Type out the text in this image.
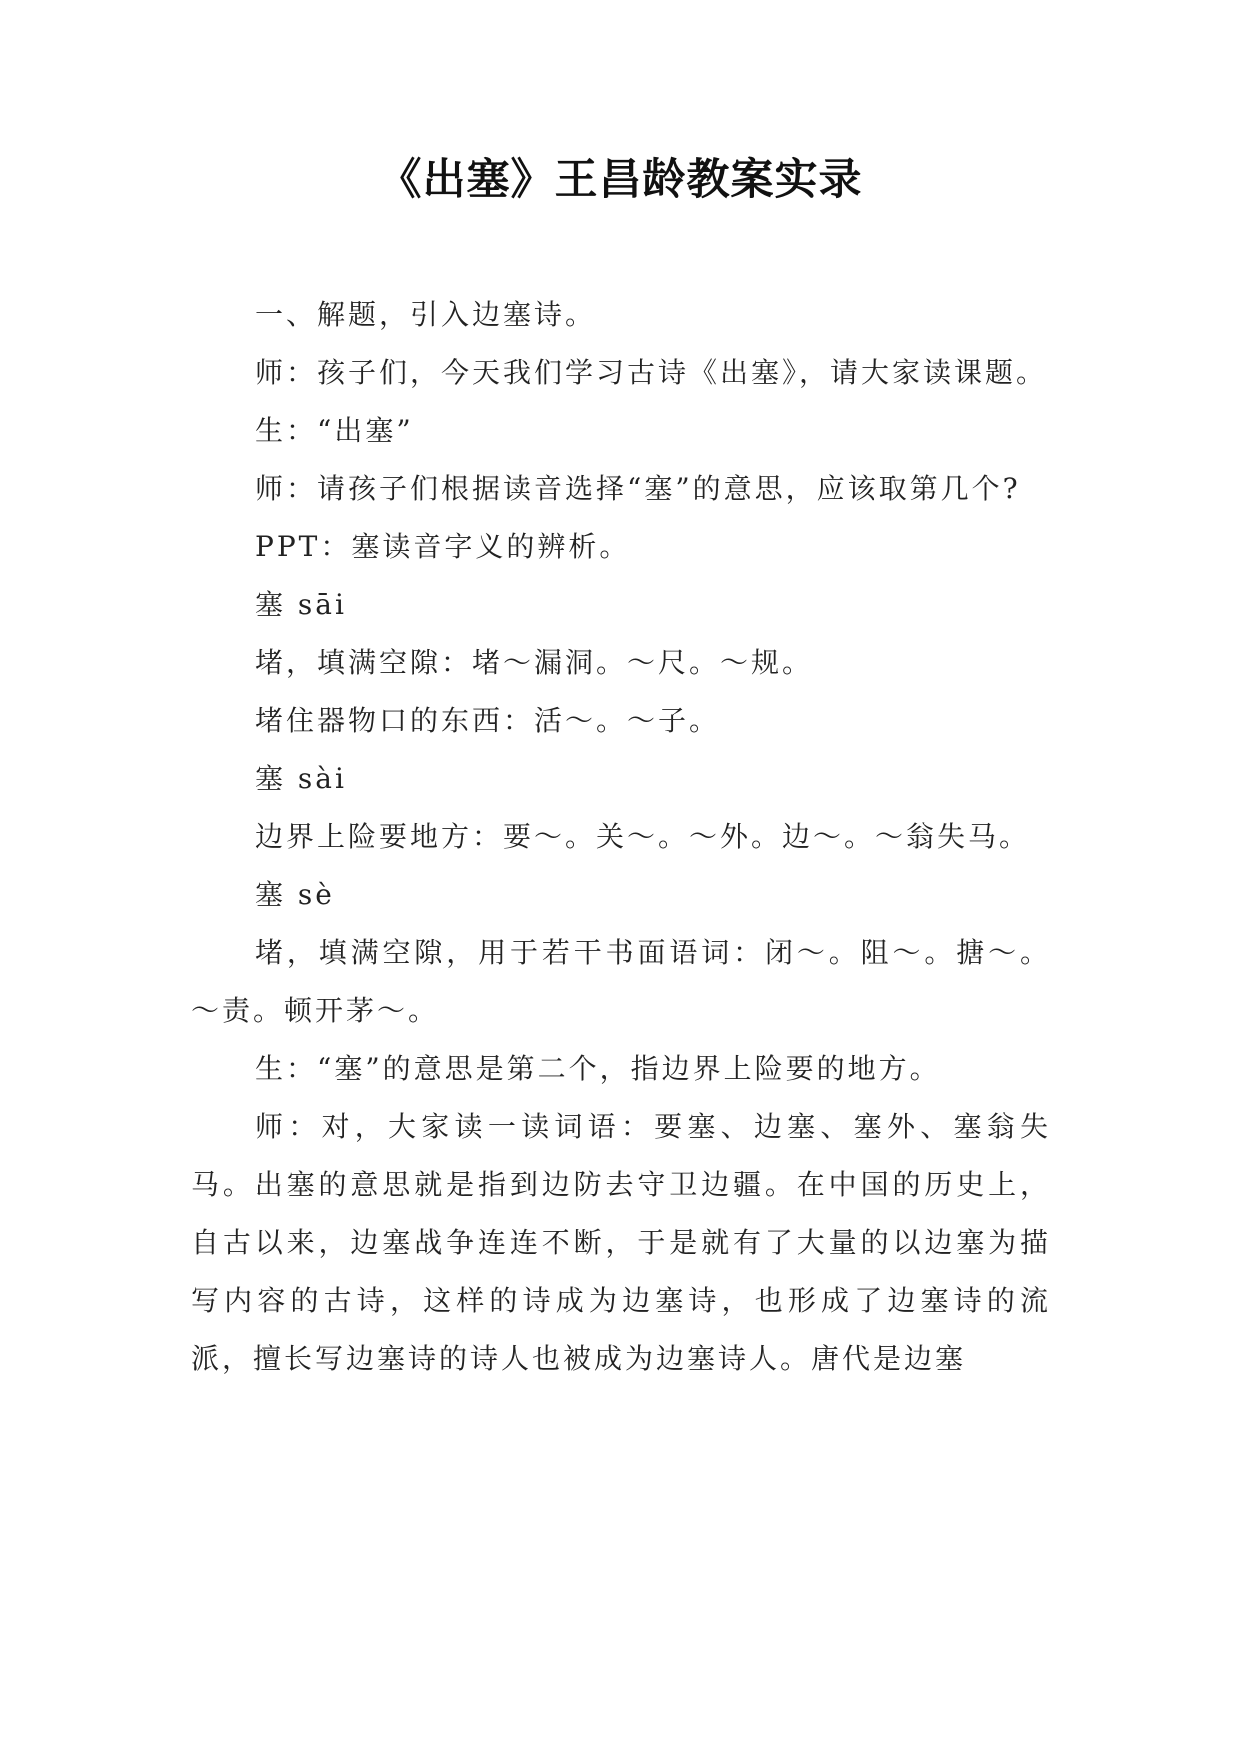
《出塞》王昌龄教案实录

一、解题，引入边塞诗。

师：孩子们，今天我们学习古诗《出塞》，请大家读课题。

生：“出塞”

师：请孩子们根据读音选择“塞”的意思，应该取第几个?

PPT：塞读音字义的辨析。

塞 sāi

堵，填满空隙：堵～漏洞。～尺。～规。

堵住器物口的东西：活～。～子。

塞 sài

边界上险要地方：要～。关～。～外。边～。～翁失马。

塞 sè

堵，填满空隙，用于若干书面语词：闭～。阻～。搪～。～责。顿开茅～。

生：“塞”的意思是第二个，指边界上险要的地方。

师：对，大家读一读词语：要塞、边塞、塞外、塞翁失马。出塞的意思就是指到边防去守卫边疆。在中国的历史上，自古以来，边塞战争连连不断，于是就有了大量的以边塞为描写内容的古诗，这样的诗成为边塞诗，也形成了边塞诗的流派，擅长写边塞诗的诗人也被成为边塞诗人。唐代是边塞
